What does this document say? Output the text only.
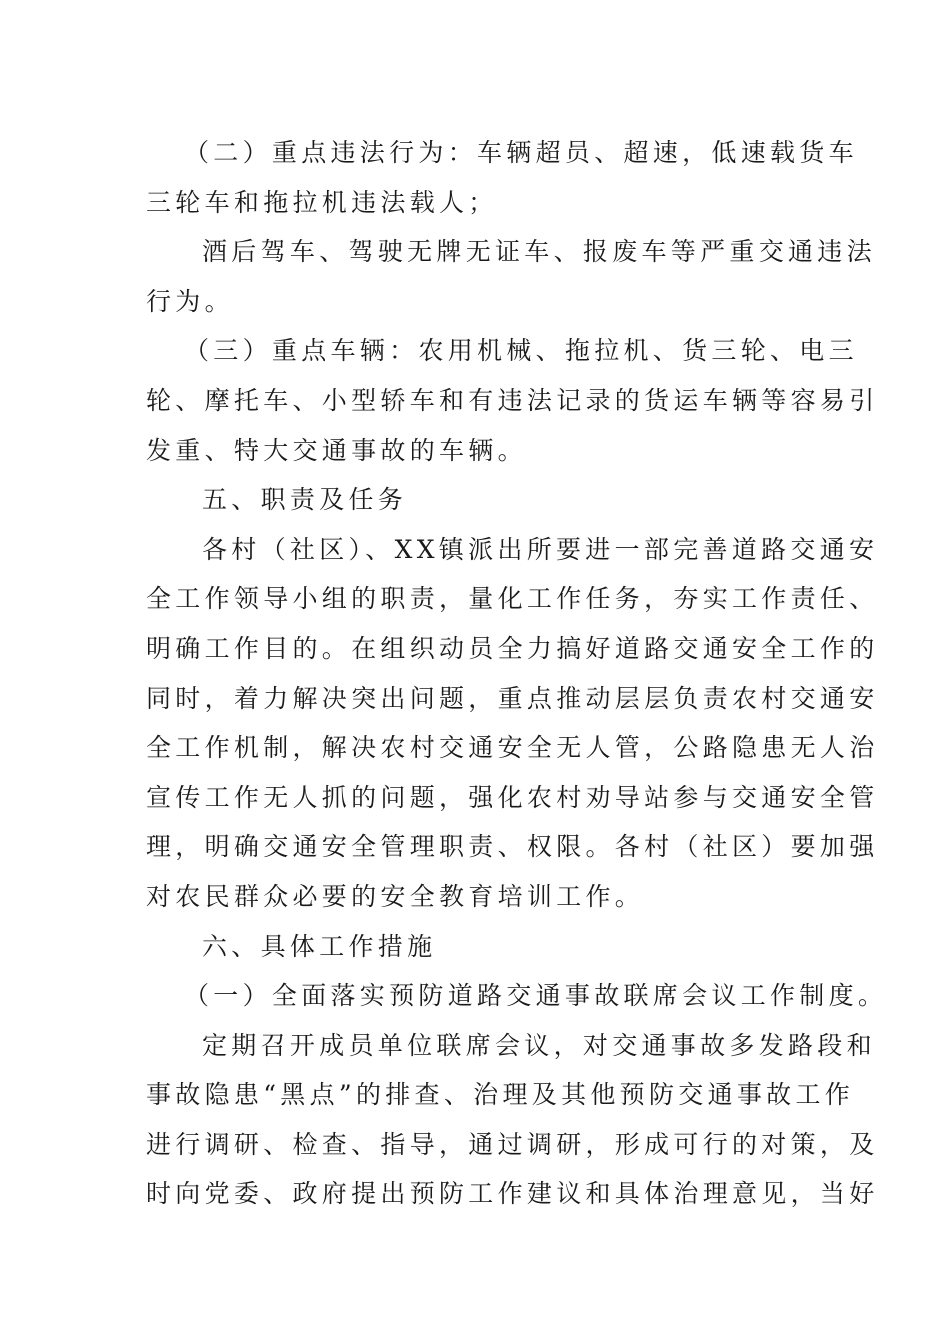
（二）重点违法行为：车辆超员、超速，低速载货车
三轮车和拖拉机违法载人；
酒后驾车、驾驶无牌无证车、报废车等严重交通违法
行为。
（三）重点车辆：农用机械、拖拉机、货三轮、电三
轮、摩托车、小型轿车和有违法记录的货运车辆等容易引
发重、特大交通事故的车辆。
五、职责及任务
各村（社区）、XX镇派出所要进一部完善道路交通安
全工作领导小组的职责，量化工作任务，夯实工作责任、
明确工作目的。在组织动员全力搞好道路交通安全工作的
同时，着力解决突出问题，重点推动层层负责农村交通安
全工作机制，解决农村交通安全无人管，公路隐患无人治
宣传工作无人抓的问题，强化农村劝导站参与交通安全管
理，明确交通安全管理职责、权限。各村（社区）要加强
对农民群众必要的安全教育培训工作。
六、具体工作措施
（一）全面落实预防道路交通事故联席会议工作制度。
定期召开成员单位联席会议，对交通事故多发路段和
事故隐患“黑点”的排查、治理及其他预防交通事故工作
进行调研、检查、指导，通过调研，形成可行的对策，及
时向党委、政府提出预防工作建议和具体治理意见，当好
